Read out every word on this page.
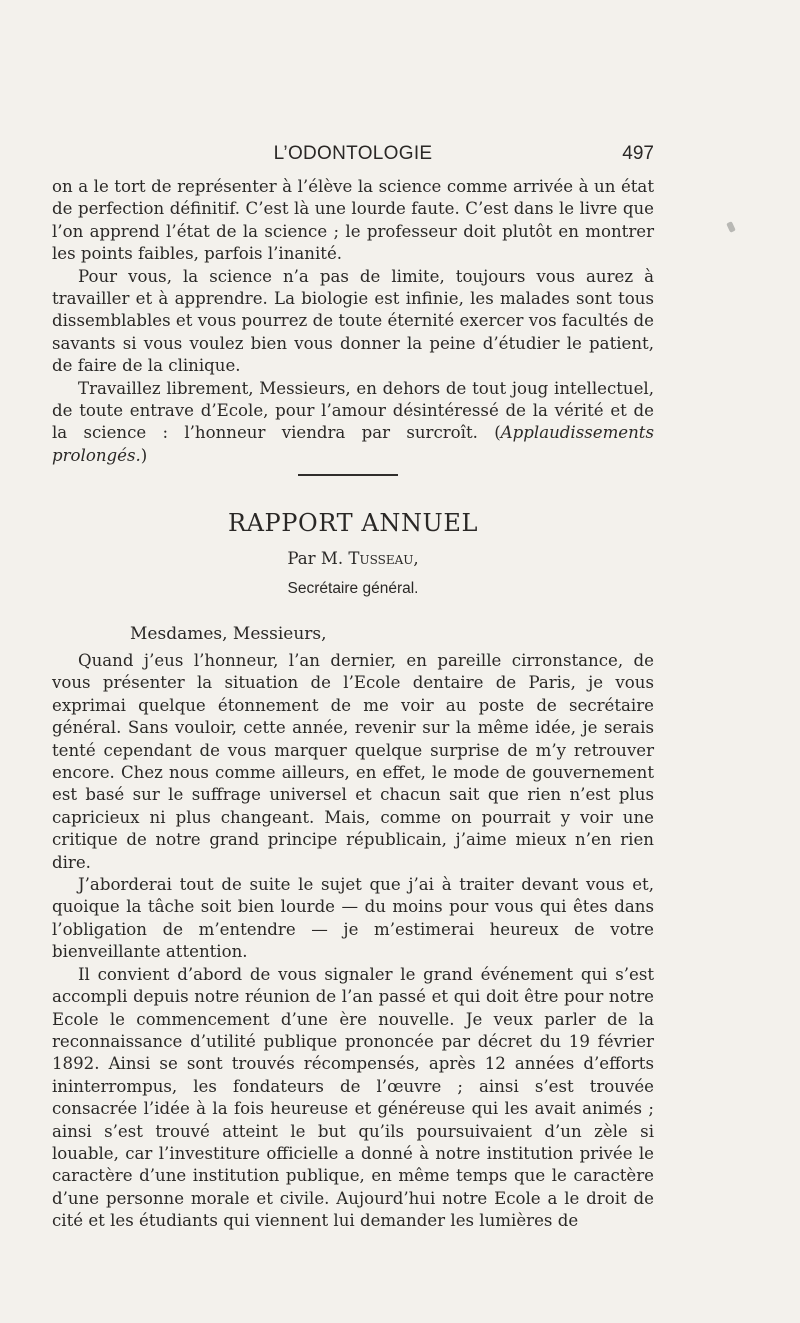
L’ODONTOLOGIE	497

on a le tort de représenter à l’élève la science comme arrivée à un état de perfection définitif. C’est là une lourde faute. C’est dans le livre que l’on apprend l’état de la science ; le professeur doit plutôt en montrer les points faibles, parfois l’inanité.

Pour vous, la science n’a pas de limite, toujours vous aurez à travailler et à apprendre. La biologie est infinie, les malades sont tous dissemblables et vous pourrez de toute éternité exercer vos facultés de savants si vous voulez bien vous donner la peine d’étudier le patient, de faire de la clinique.

Travaillez librement, Messieurs, en dehors de tout joug intellectuel, de toute entrave d’Ecole, pour l’amour désintéressé de la vérité et de la science : l’honneur viendra par surcroît. (Applaudissements prolongés.)

RAPPORT ANNUEL
Par M. Tusseau,
Secrétaire général.
Mesdames, Messieurs,

Quand j’eus l’honneur, l’an dernier, en pareille cirronstance, de vous présenter la situation de l’Ecole dentaire de Paris, je vous exprimai quelque étonnement de me voir au poste de secrétaire général. Sans vouloir, cette année, revenir sur la même idée, je serais tenté cependant de vous marquer quelque surprise de m’y retrouver encore. Chez nous comme ailleurs, en effet, le mode de gouvernement est basé sur le suffrage universel et chacun sait que rien n’est plus capricieux ni plus changeant. Mais, comme on pourrait y voir une critique de notre grand principe républicain, j’aime mieux n’en rien dire.

J’aborderai tout de suite le sujet que j’ai à traiter devant vous et, quoique la tâche soit bien lourde — du moins pour vous qui êtes dans l’obligation de m’entendre — je m’estimerai heureux de votre bienveillante attention.

Il convient d’abord de vous signaler le grand événement qui s’est accompli depuis notre réunion de l’an passé et qui doit être pour notre Ecole le commencement d’une ère nouvelle. Je veux parler de la reconnaissance d’utilité publique prononcée par décret du 19 février 1892. Ainsi se sont trouvés récompensés, après 12 années d’efforts ininterrompus, les fondateurs de l’œuvre ; ainsi s’est trouvée consacrée l’idée à la fois heureuse et généreuse qui les avait animés ; ainsi s’est trouvé atteint le but qu’ils poursuivaient d’un zèle si louable, car l’investiture officielle a donné à notre institution privée le caractère d’une institution publique, en même temps que le caractère d’une personne morale et civile. Aujourd’hui notre Ecole a le droit de cité et les étudiants qui viennent lui demander les lumières de
